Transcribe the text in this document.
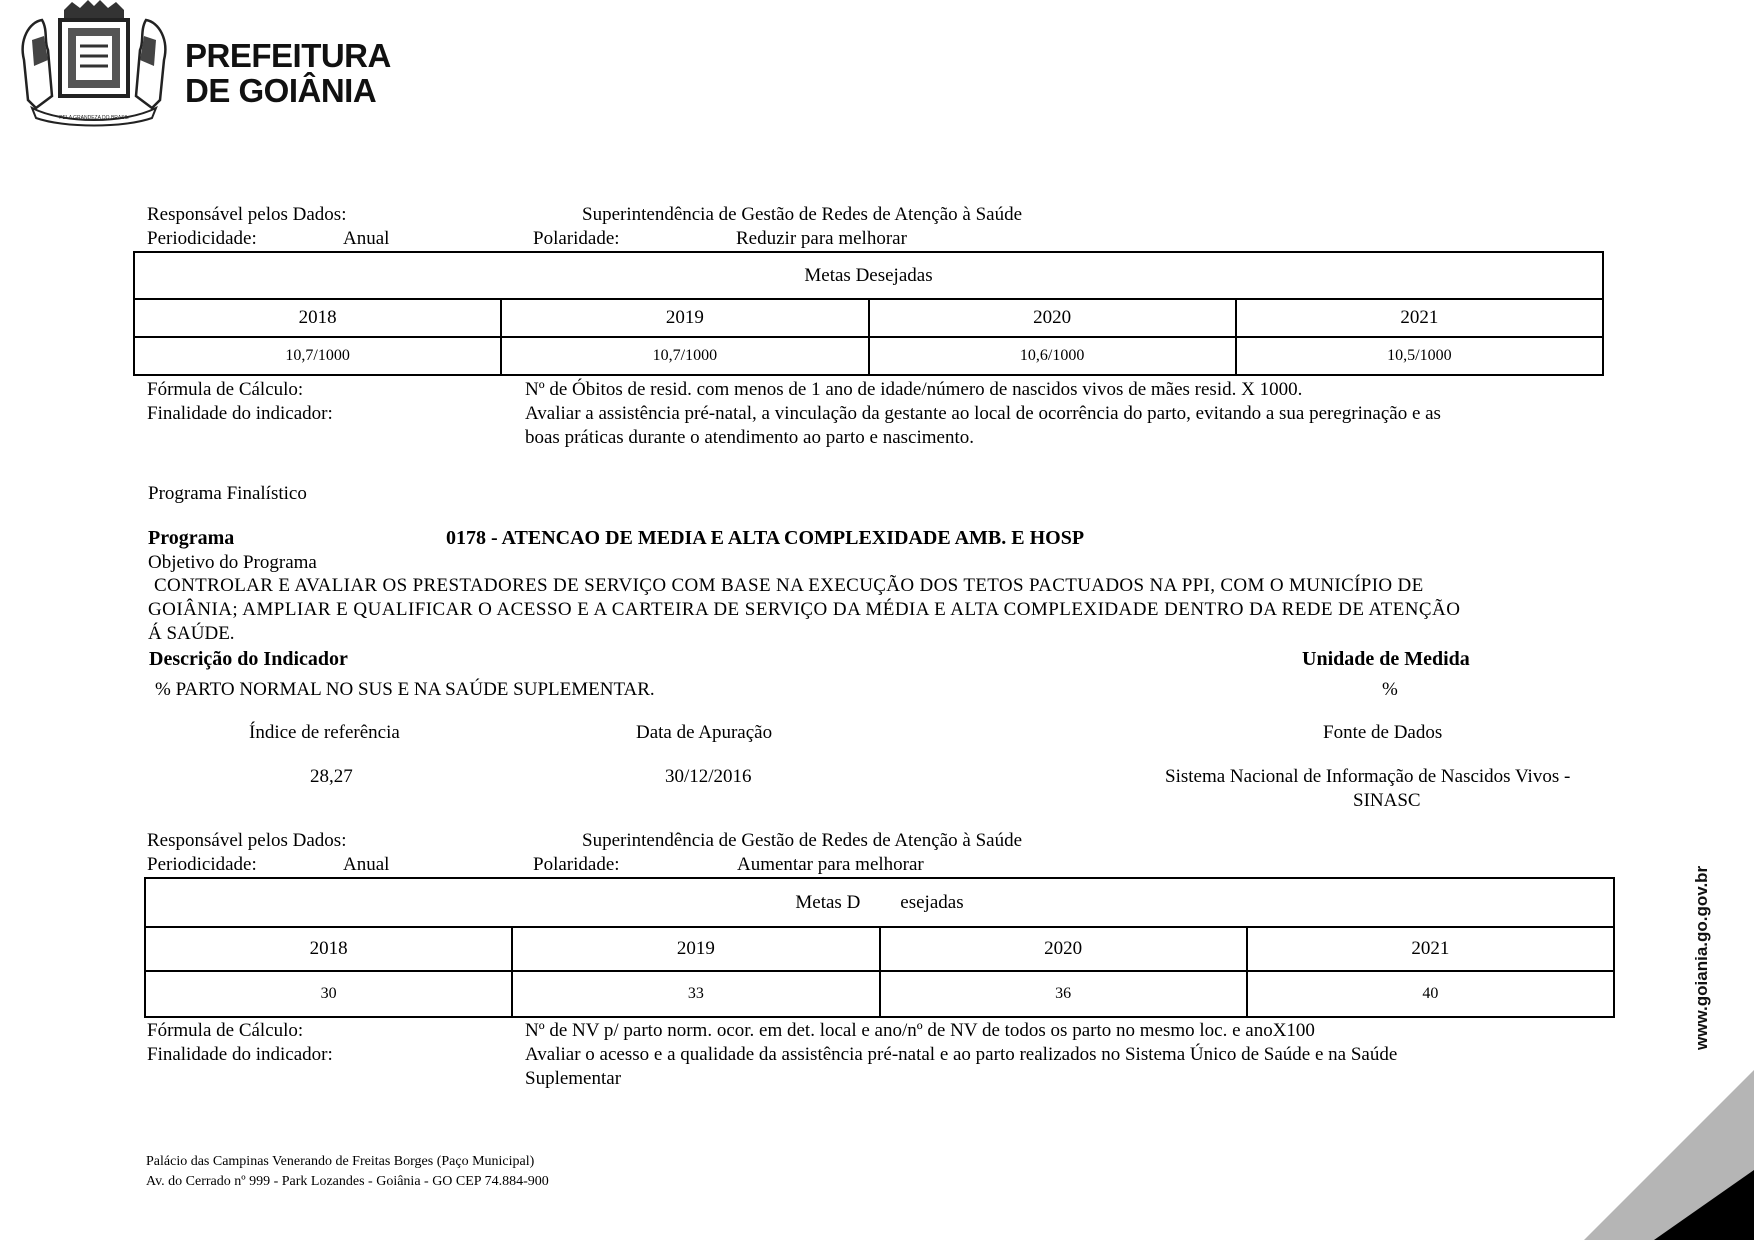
PELA GRANDEZA DO BRASIL
PREFEITURA
DE GOIÂNIA
Responsável pelos Dados:	Superintendência de Gestão de Redes de Atenção à Saúde
Periodicidade:	Anual	Polaridade:	Reduzir para melhorar
Metas Desejadas			
2018	2019	2020	2021
10,7/1000	10,7/1000	10,6/1000	10,5/1000
Fórmula de Cálculo:	Nº de Óbitos de resid. com menos de 1 ano de idade/número de nascidos vivos de mães resid. X 1000.
Finalidade do indicador:	Avaliar a assistência pré-natal, a vinculação da gestante ao local de ocorrência do parto, evitando a sua peregrinação e as
boas práticas durante o atendimento ao parto e nascimento.
Programa Finalístico
Programa	0178 - ATENCAO DE MEDIA E ALTA COMPLEXIDADE AMB. E HOSP
Objetivo do Programa
CONTROLAR E AVALIAR OS PRESTADORES DE SERVIÇO COM BASE NA EXECUÇÃO DOS TETOS PACTUADOS NA PPI, COM O MUNICÍPIO DE
GOIÂNIA; AMPLIAR E QUALIFICAR O ACESSO E A CARTEIRA DE SERVIÇO DA MÉDIA E ALTA COMPLEXIDADE DENTRO DA REDE DE ATENÇÃO
Á SAÚDE.
Descrição do Indicador	Unidade de Medida
% PARTO NORMAL NO SUS E NA SAÚDE SUPLEMENTAR.	%
Índice de referência	Data de Apuração	Fonte de Dados
28,27	30/12/2016	Sistema Nacional de Informação de Nascidos Vivos -
SINASC
Responsável pelos Dados:	Superintendência de Gestão de Redes de Atenção à Saúde
Periodicidade:	Anual	Polaridade:	Aumentar para melhorar
Metas D esejadas			
2018	2019	2020	2021
30	33	36	40
Fórmula de Cálculo:	Nº de NV p/ parto norm. ocor. em det. local e ano/nº de NV de todos os parto no mesmo loc. e anoX100
Finalidade do indicador:	Avaliar o acesso e a qualidade da assistência pré-natal e ao parto realizados no Sistema Único de Saúde e na Saúde
Suplementar
Palácio das Campinas Venerando de Freitas Borges (Paço Municipal)
Av. do Cerrado nº 999 - Park Lozandes - Goiânia - GO CEP 74.884-900
www.goiania.go.gov.br
